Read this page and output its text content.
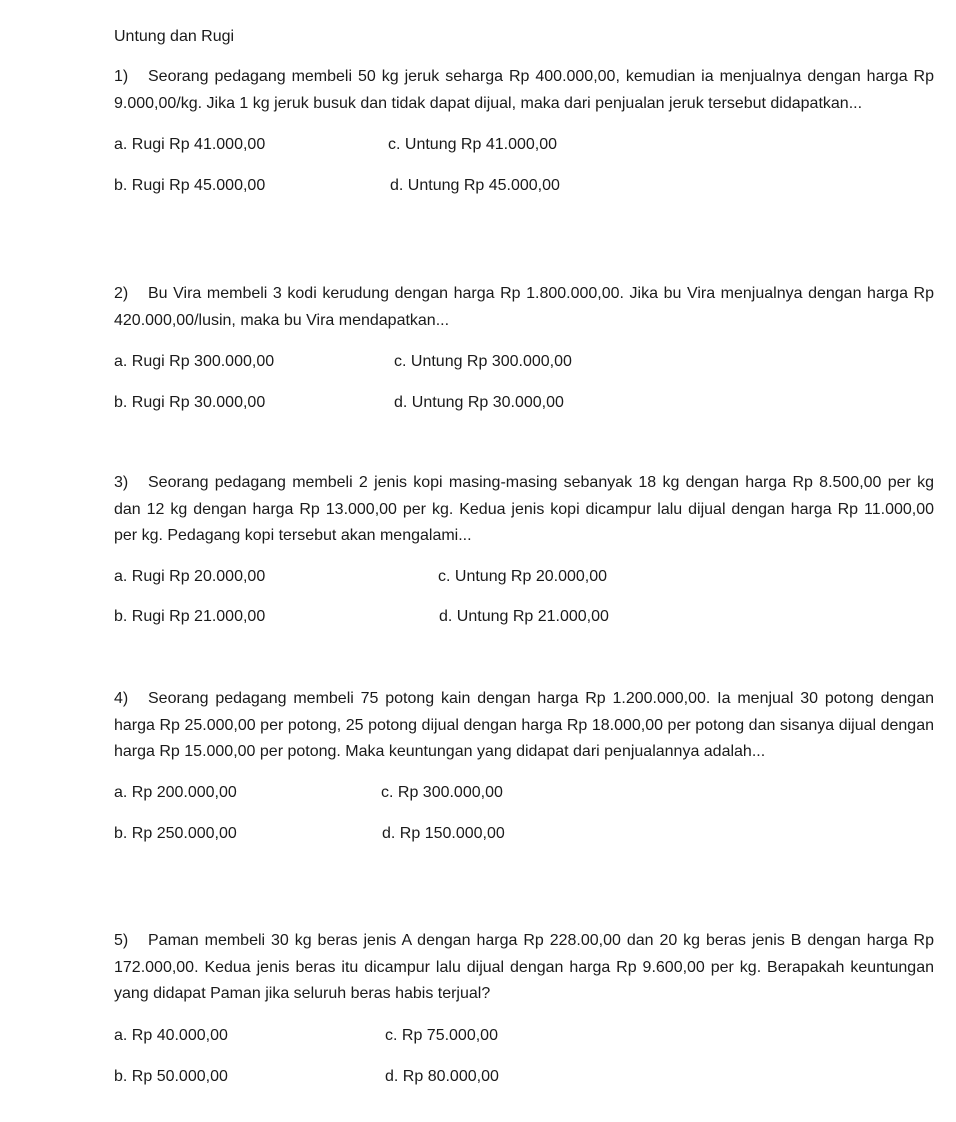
Untung dan Rugi

1) Seorang pedagang membeli 50 kg jeruk seharga Rp 400.000,00, kemudian ia menjualnya dengan harga Rp 9.000,00/kg. Jika 1 kg jeruk busuk dan tidak dapat dijual, maka dari penjualan jeruk tersebut didapatkan...

a. Rugi Rp 41.000,00	c. Untung Rp 41.000,00
b. Rugi Rp 45.000,00	d. Untung Rp 45.000,00

2) Bu Vira membeli 3 kodi kerudung dengan harga Rp 1.800.000,00. Jika bu Vira menjualnya dengan harga Rp 420.000,00/lusin, maka bu Vira mendapatkan...

a. Rugi Rp 300.000,00	c. Untung Rp 300.000,00
b. Rugi Rp 30.000,00	d. Untung Rp 30.000,00

3) Seorang pedagang membeli 2 jenis kopi masing-masing sebanyak 18 kg dengan harga Rp 8.500,00 per kg dan 12 kg dengan harga Rp 13.000,00 per kg. Kedua jenis kopi dicampur lalu dijual dengan harga Rp 11.000,00 per kg. Pedagang kopi tersebut akan mengalami...

a. Rugi Rp 20.000,00	c. Untung Rp 20.000,00
b. Rugi Rp 21.000,00	d. Untung Rp 21.000,00

4) Seorang pedagang membeli 75 potong kain dengan harga Rp 1.200.000,00. Ia menjual 30 potong dengan harga Rp 25.000,00 per potong, 25 potong dijual dengan harga Rp 18.000,00 per potong dan sisanya dijual dengan harga Rp 15.000,00 per potong. Maka keuntungan yang didapat dari penjualannya adalah...

a. Rp 200.000,00	c. Rp 300.000,00
b. Rp 250.000,00	d. Rp 150.000,00

5) Paman membeli 30 kg beras jenis A dengan harga Rp 228.00,00 dan 20 kg beras jenis B dengan harga Rp 172.000,00. Kedua jenis beras itu dicampur lalu dijual dengan harga Rp 9.600,00 per kg. Berapakah keuntungan yang didapat Paman jika seluruh beras habis terjual?

a. Rp 40.000,00	c. Rp 75.000,00
b. Rp 50.000,00	d. Rp 80.000,00
